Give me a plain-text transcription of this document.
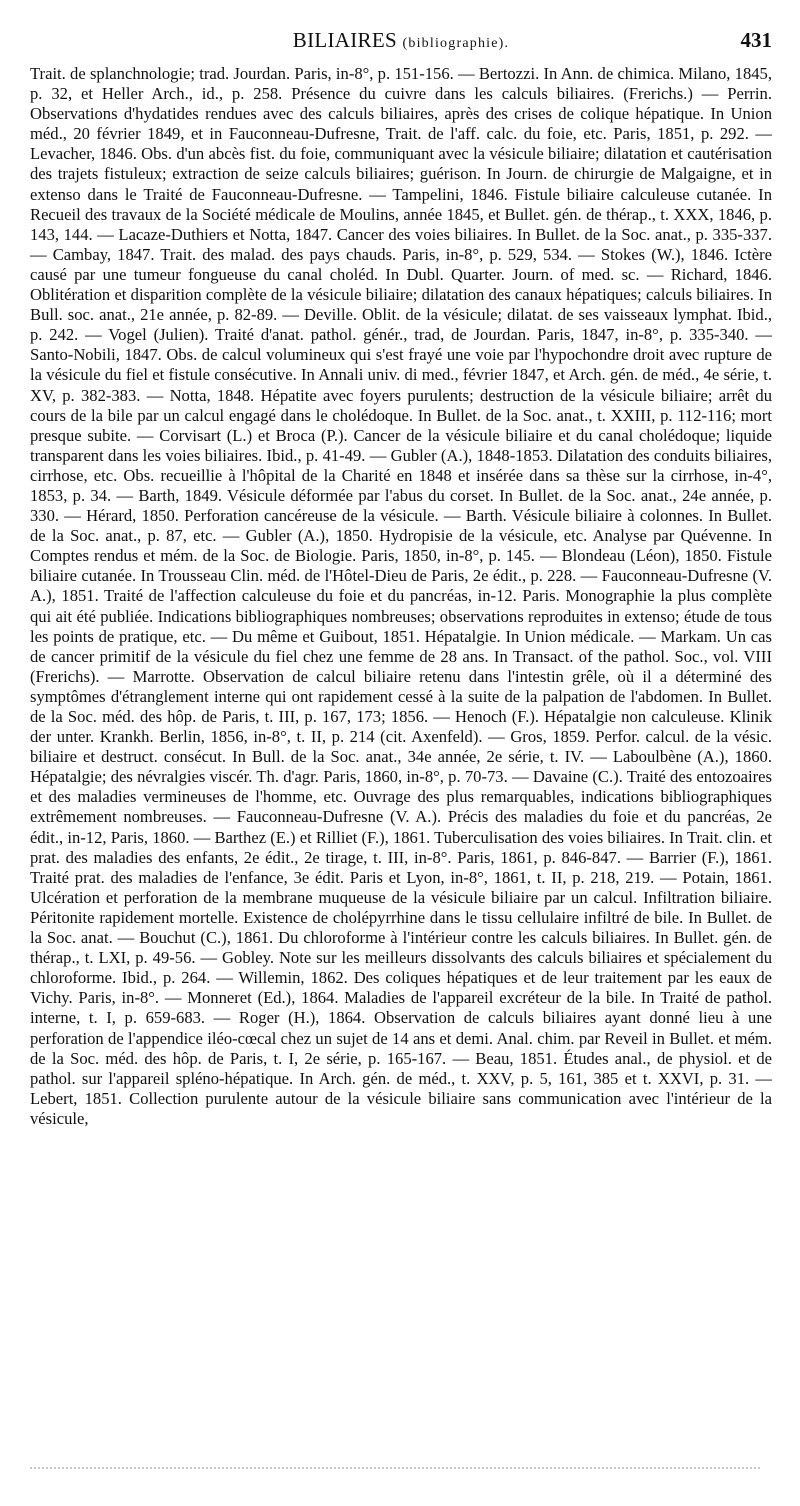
BILIAIRES (bibliographie).	431

Trait. de splanchnologie; trad. Jourdan. Paris, in-8°, p. 151-156. — Bertozzi. In Ann. de chimica. Milano, 1845, p. 32, et Heller Arch., id., p. 258. Présence du cuivre dans les calculs biliaires. (Frerichs.) — Perrin. Observations d'hydatides rendues avec des calculs biliaires, après des crises de colique hépatique. In Union méd., 20 février 1849, et in Fauconneau-Dufresne, Trait. de l'aff. calc. du foie, etc. Paris, 1851, p. 292. — Levacher, 1846. Obs. d'un abcès fist. du foie, communiquant avec la vésicule biliaire; dilatation et cautérisation des trajets fistuleux; extraction de seize calculs biliaires; guérison. In Journ. de chirurgie de Malgaigne, et in extenso dans le Traité de Fauconneau-Dufresne. — Tampelini, 1846. Fistule biliaire calculeuse cutanée. In Recueil des travaux de la Société médicale de Moulins, année 1845, et Bullet. gén. de thérap., t. XXX, 1846, p. 143, 144. — Lacaze-Duthiers et Notta, 1847. Cancer des voies biliaires. In Bullet. de la Soc. anat., p. 335-337. — Cambay, 1847. Trait. des malad. des pays chauds. Paris, in-8°, p. 529, 534. — Stokes (W.), 1846. Ictère causé par une tumeur fongueuse du canal choléd. In Dubl. Quarter. Journ. of med. sc. — Richard, 1846. Oblitération et disparition complète de la vésicule biliaire; dilatation des canaux hépatiques; calculs biliaires. In Bull. soc. anat., 21e année, p. 82-89. — Deville. Oblit. de la vésicule; dilatat. de ses vaisseaux lymphat. Ibid., p. 242. — Vogel (Julien). Traité d'anat. pathol. génér., trad, de Jourdan. Paris, 1847, in-8°, p. 335-340. — Santo-Nobili, 1847. Obs. de calcul volumineux qui s'est frayé une voie par l'hypochondre droit avec rupture de la vésicule du fiel et fistule consécutive. In Annali univ. di med., février 1847, et Arch. gén. de méd., 4e série, t. XV, p. 382-383. — Notta, 1848. Hépatite avec foyers purulents; destruction de la vésicule biliaire; arrêt du cours de la bile par un calcul engagé dans le cholédoque. In Bullet. de la Soc. anat., t. XXIII, p. 112-116; mort presque subite. — Corvisart (L.) et Broca (P.). Cancer de la vésicule biliaire et du canal cholédoque; liquide transparent dans les voies biliaires. Ibid., p. 41-49. — Gubler (A.), 1848-1853. Dilatation des conduits biliaires, cirrhose, etc. Obs. recueillie à l'hôpital de la Charité en 1848 et insérée dans sa thèse sur la cirrhose, in-4°, 1853, p. 34. — Barth, 1849. Vésicule déformée par l'abus du corset. In Bullet. de la Soc. anat., 24e année, p. 330. — Hérard, 1850. Perforation cancéreuse de la vésicule. — Barth. Vésicule biliaire à colonnes. In Bullet. de la Soc. anat., p. 87, etc. — Gubler (A.), 1850. Hydropisie de la vésicule, etc. Analyse par Quévenne. In Comptes rendus et mém. de la Soc. de Biologie. Paris, 1850, in-8°, p. 145. — Blondeau (Léon), 1850. Fistule biliaire cutanée. In Trousseau Clin. méd. de l'Hôtel-Dieu de Paris, 2e édit., p. 228. — Fauconneau-Dufresne (V. A.), 1851. Traité de l'affection calculeuse du foie et du pancréas, in-12. Paris. Monographie la plus complète qui ait été publiée. Indications bibliographiques nombreuses; observations reproduites in extenso; étude de tous les points de pratique, etc. — Du même et Guibout, 1851. Hépatalgie. In Union médicale. — Markam. Un cas de cancer primitif de la vésicule du fiel chez une femme de 28 ans. In Transact. of the pathol. Soc., vol. VIII (Frerichs). — Marrotte. Observation de calcul biliaire retenu dans l'intestin grêle, où il a déterminé des symptômes d'étranglement interne qui ont rapidement cessé à la suite de la palpation de l'abdomen. In Bullet. de la Soc. méd. des hôp. de Paris, t. III, p. 167, 173; 1856. — Henoch (F.). Hépatalgie non calculeuse. Klinik der unter. Krankh. Berlin, 1856, in-8°, t. II, p. 214 (cit. Axenfeld). — Gros, 1859. Perfor. calcul. de la vésic. biliaire et destruct. consécut. In Bull. de la Soc. anat., 34e année, 2e série, t. IV. — Laboulbène (A.), 1860. Hépatalgie; des névralgies viscér. Th. d'agr. Paris, 1860, in-8°, p. 70-73. — Davaine (C.). Traité des entozoaires et des maladies vermineuses de l'homme, etc. Ouvrage des plus remarquables, indications bibliographiques extrêmement nombreuses. — Fauconneau-Dufresne (V. A.). Précis des maladies du foie et du pancréas, 2e édit., in-12, Paris, 1860. — Barthez (E.) et Rilliet (F.), 1861. Tuberculisation des voies biliaires. In Trait. clin. et prat. des maladies des enfants, 2e édit., 2e tirage, t. III, in-8°. Paris, 1861, p. 846-847. — Barrier (F.), 1861. Traité prat. des maladies de l'enfance, 3e édit. Paris et Lyon, in-8°, 1861, t. II, p. 218, 219. — Potain, 1861. Ulcération et perforation de la membrane muqueuse de la vésicule biliaire par un calcul. Infiltration biliaire. Péritonite rapidement mortelle. Existence de cholépyrrhine dans le tissu cellulaire infiltré de bile. In Bullet. de la Soc. anat. — Bouchut (C.), 1861. Du chloroforme à l'intérieur contre les calculs biliaires. In Bullet. gén. de thérap., t. LXI, p. 49-56. — Gobley. Note sur les meilleurs dissolvants des calculs biliaires et spécialement du chloroforme. Ibid., p. 264. — Willemin, 1862. Des coliques hépatiques et de leur traitement par les eaux de Vichy. Paris, in-8°. — Monneret (Ed.), 1864. Maladies de l'appareil excréteur de la bile. In Traité de pathol. interne, t. I, p. 659-683. — Roger (H.), 1864. Observation de calculs biliaires ayant donné lieu à une perforation de l'appendice iléo-cœcal chez un sujet de 14 ans et demi. Anal. chim. par Reveil in Bullet. et mém. de la Soc. méd. des hôp. de Paris, t. I, 2e série, p. 165-167. — Beau, 1851. Études anal., de physiol. et de pathol. sur l'appareil spléno-hépatique. In Arch. gén. de méd., t. XXV, p. 5, 161, 385 et t. XXVI, p. 31. — Lebert, 1851. Collection purulente autour de la vésicule biliaire sans communication avec l'intérieur de la vésicule,
